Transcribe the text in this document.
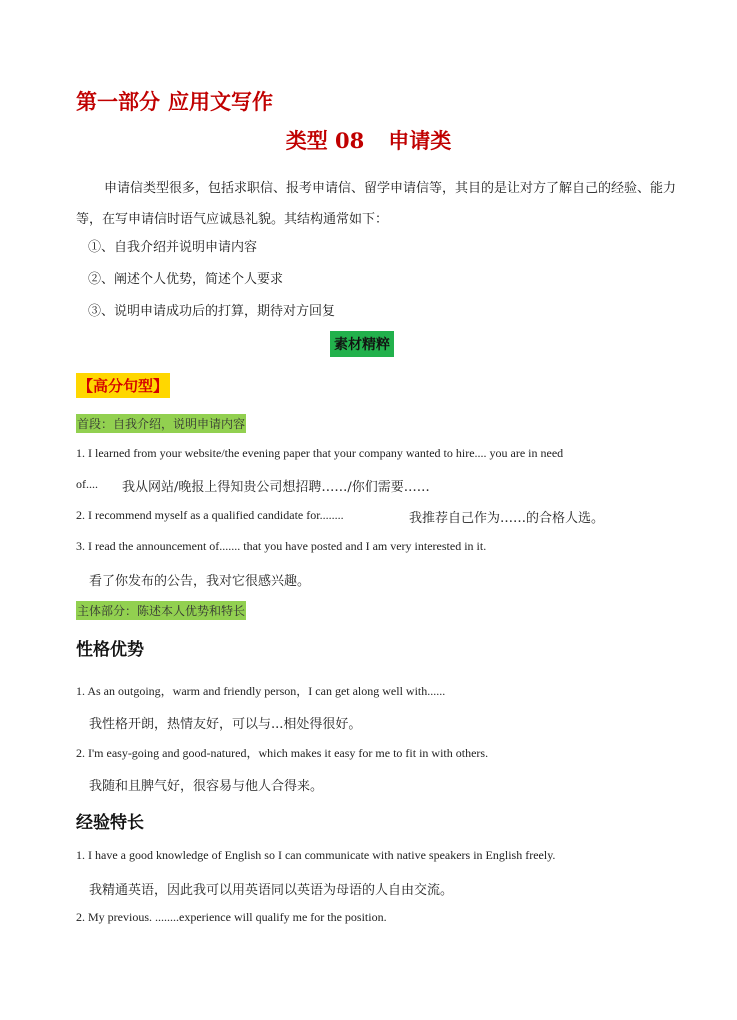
第一部分 应用文写作
类型 08 申请类
申请信类型很多，包括求职信、报考申请信、留学申请信等，其目的是让对方了解自己的经验、能力等，在写申请信时语气应诚恳礼貌。其结构通常如下：
①、自我介绍并说明申请内容
②、阐述个人优势，简述个人要求
③、说明申请成功后的打算，期待对方回复
素材精粹
【高分句型】
首段：自我介绍，说明申请内容
1. I learned from your website/the evening paper that your company wanted to hire.... you are in need
of.... 我从网站/晚报上得知贵公司想招聘……/你们需要……
2. I recommend myself as a qualified candidate for........	我推荐自己作为……的合格人选。
3. I read the announcement of....... that you have posted and I am very interested in it.
看了你发布的公告，我对它很感兴趣。
主体部分：陈述本人优势和特长
性格优势
1. As an outgoing，warm and friendly person，I can get along well with......
我性格开朗，热情友好，可以与...相处得很好。
2. I'm easy-going and good-natured，which makes it easy for me to fit in with others.
我随和且脾气好，很容易与他人合得来。
经验特长
1. I have a good knowledge of English so I can communicate with native speakers in English freely.
我精通英语，因此我可以用英语同以英语为母语的人自由交流。
2. My previous. ........experience will qualify me for the position.
